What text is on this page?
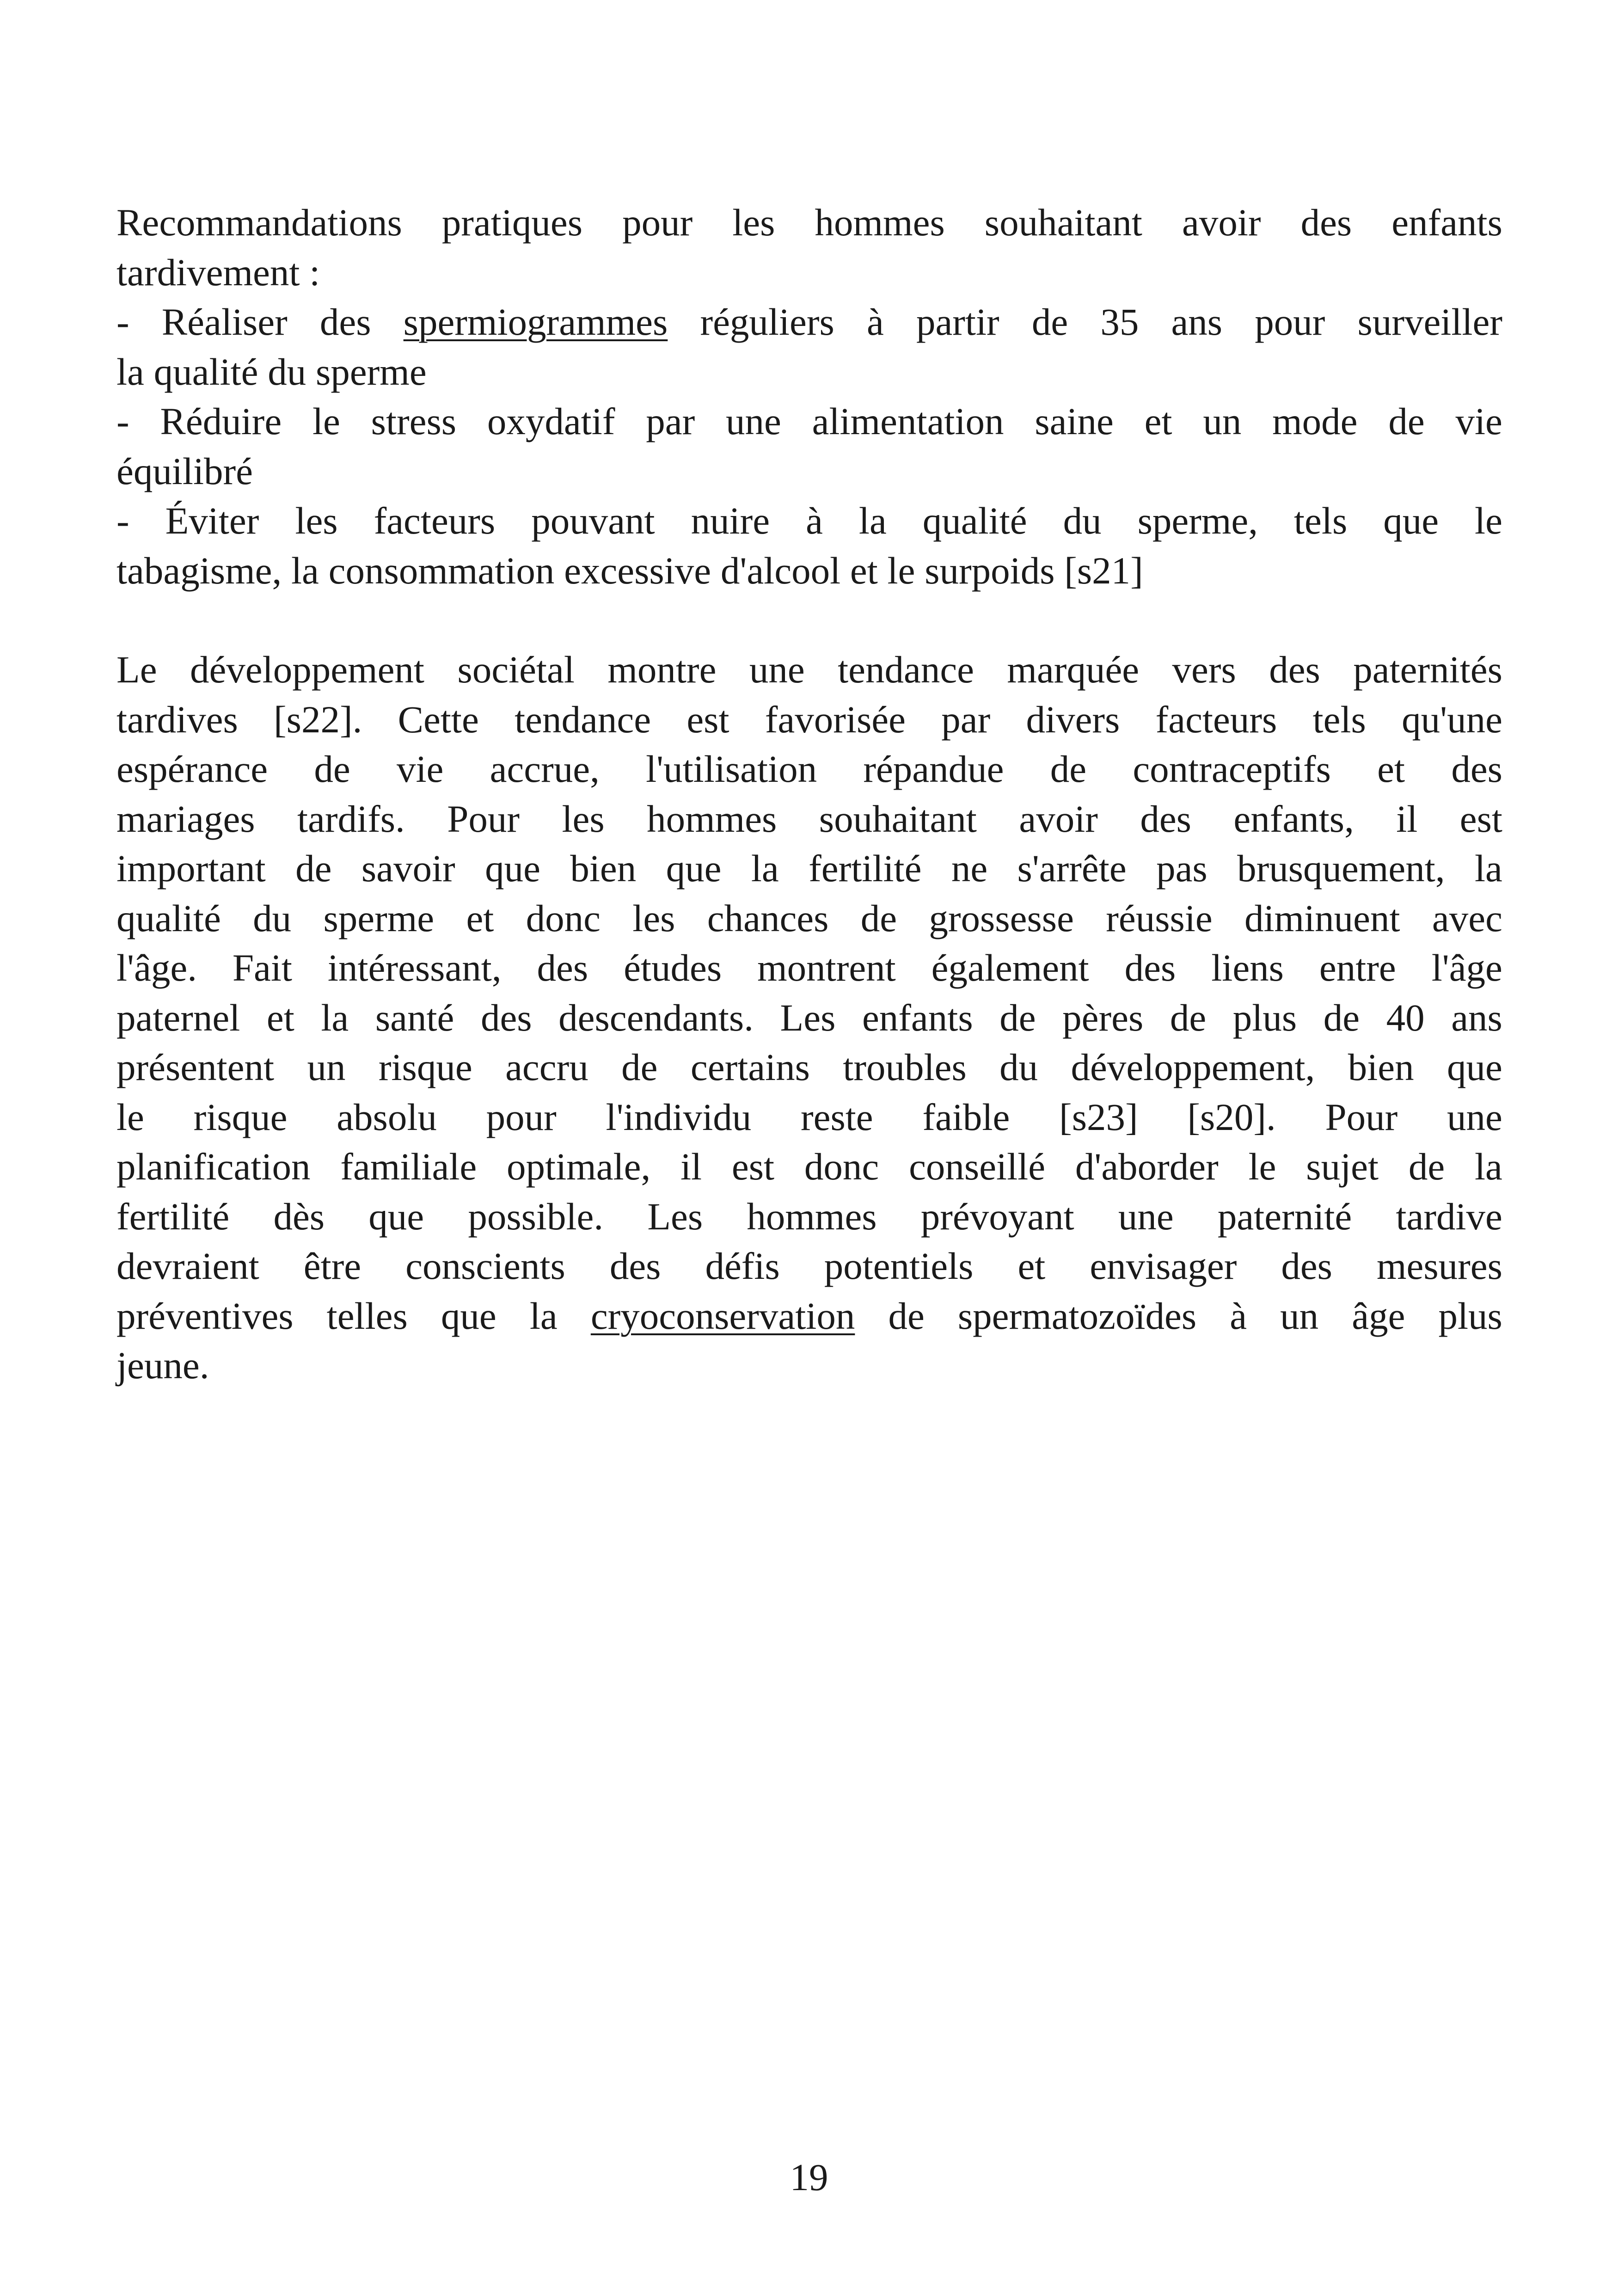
Recommandations pratiques pour les hommes souhaitant avoir des enfants
tardivement :
- Réaliser des spermiogrammes réguliers à partir de 35 ans pour surveiller
la qualité du sperme
- Réduire le stress oxydatif par une alimentation saine et un mode de vie
équilibré
- Éviter les facteurs pouvant nuire à la qualité du sperme, tels que le
tabagisme, la consommation excessive d'alcool et le surpoids [s21]
Le développement sociétal montre une tendance marquée vers des paternités
tardives [s22]. Cette tendance est favorisée par divers facteurs tels qu'une
espérance de vie accrue, l'utilisation répandue de contraceptifs et des
mariages tardifs. Pour les hommes souhaitant avoir des enfants, il est
important de savoir que bien que la fertilité ne s'arrête pas brusquement, la
qualité du sperme et donc les chances de grossesse réussie diminuent avec
l'âge. Fait intéressant, des études montrent également des liens entre l'âge
paternel et la santé des descendants. Les enfants de pères de plus de 40 ans
présentent un risque accru de certains troubles du développement, bien que
le risque absolu pour l'individu reste faible [s23] [s20]. Pour une
planification familiale optimale, il est donc conseillé d'aborder le sujet de la
fertilité dès que possible. Les hommes prévoyant une paternité tardive
devraient être conscients des défis potentiels et envisager des mesures
préventives telles que la cryoconservation de spermatozoïdes à un âge plus
jeune.
19
